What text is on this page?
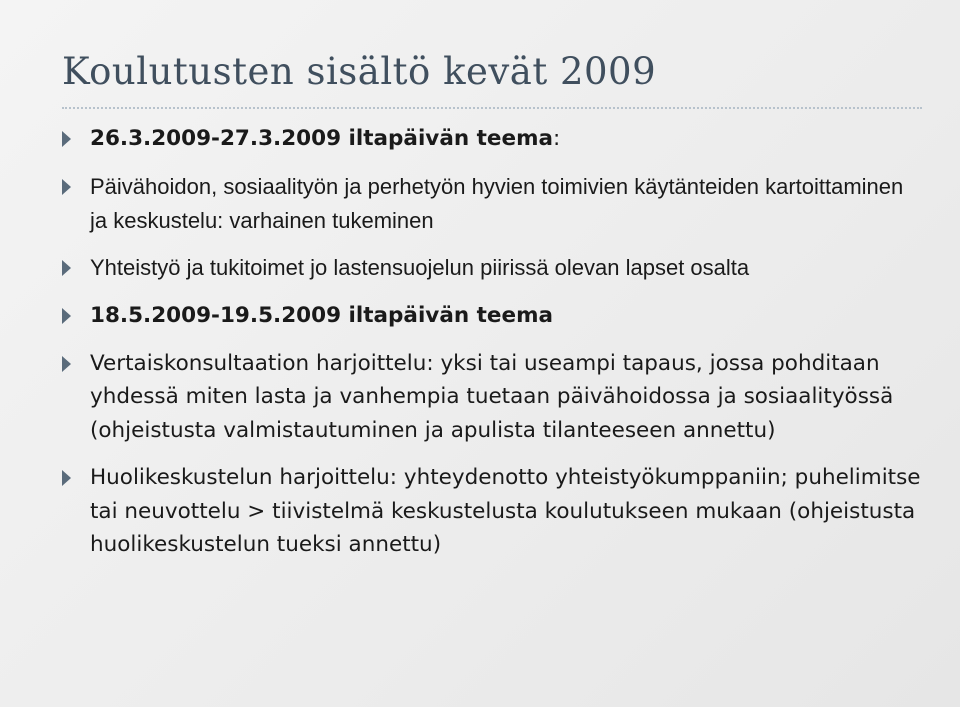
Koulutusten sisältö kevät 2009
26.3.2009-27.3.2009 iltapäivän teema:
Päivähoidon, sosiaalityön ja perhetyön hyvien toimivien käytänteiden kartoittaminen ja keskustelu: varhainen tukeminen
Yhteistyö ja tukitoimet jo lastensuojelun piirissä olevan lapset osalta
18.5.2009-19.5.2009 iltapäivän teema
Vertaiskonsultaation harjoittelu: yksi tai useampi tapaus, jossa pohditaan yhdessä miten lasta ja vanhempia tuetaan päivähoidossa ja sosiaalityössä (ohjeistusta valmistautuminen ja apulista tilanteeseen annettu)
Huolikeskustelun harjoittelu: yhteydenotto yhteistyökumppaniin; puhelimitse tai neuvottelu > tiivistelmä keskustelusta koulutukseen mukaan (ohjeistusta huolikeskustelun tueksi annettu)
